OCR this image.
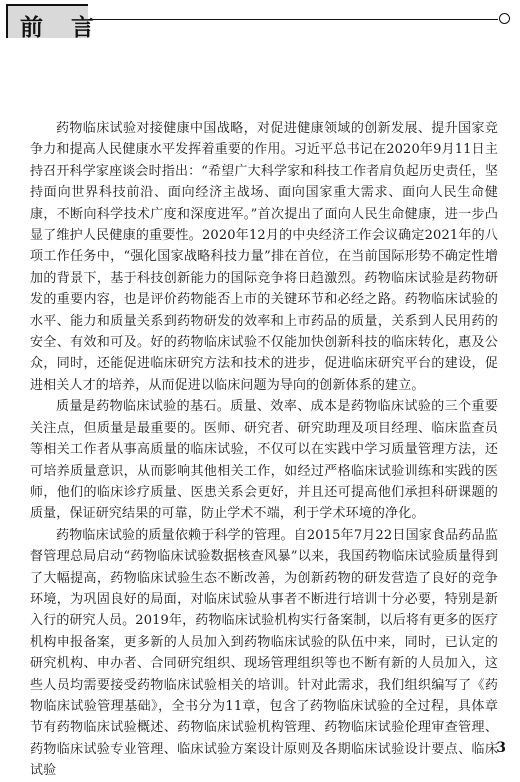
前 言

药物临床试验对接健康中国战略，对促进健康领域的创新发展、提升国家竞争力和提高人民健康水平发挥着重要的作用。习近平总书记在2020年9月11日主持召开科学家座谈会时指出：“希望广大科学家和科技工作者肩负起历史责任，坚持面向世界科技前沿、面向经济主战场、面向国家重大需求、面向人民生命健康，不断向科学技术广度和深度进军。”首次提出了面向人民生命健康，进一步凸显了维护人民健康的重要性。2020年12月的中央经济工作会议确定2021年的八项工作任务中，“强化国家战略科技力量”排在首位，在当前国际形势不确定性增加的背景下，基于科技创新能力的国际竞争将日趋激烈。药物临床试验是药物研发的重要内容，也是评价药物能否上市的关键环节和必经之路。药物临床试验的水平、能力和质量关系到药物研发的效率和上市药品的质量，关系到人民用药的安全、有效和可及。好的药物临床试验不仅能加快创新科技的临床转化，惠及公众，同时，还能促进临床研究方法和技术的进步，促进临床研究平台的建设，促进相关人才的培养，从而促进以临床问题为导向的创新体系的建立。

质量是药物临床试验的基石。质量、效率、成本是药物临床试验的三个重要关注点，但质量是最重要的。医师、研究者、研究助理及项目经理、临床监查员等相关工作者从事高质量的临床试验，不仅可以在实践中学习质量管理方法，还可培养质量意识，从而影响其他相关工作，如经过严格临床试验训练和实践的医师，他们的临床诊疗质量、医患关系会更好，并且还可提高他们承担科研课题的质量，保证研究结果的可靠，防止学术不端，利于学术环境的净化。

药物临床试验的质量依赖于科学的管理。自2015年7月22日国家食品药品监督管理总局启动“药物临床试验数据核查风暴”以来，我国药物临床试验质量得到了大幅提高，药物临床试验生态不断改善，为创新药物的研发营造了良好的竞争环境，为巩固良好的局面，对临床试验从事者不断进行培训十分必要，特别是新入行的研究人员。2019年，药物临床试验机构实行备案制，以后将有更多的医疗机构申报备案，更多新的人员加入到药物临床试验的队伍中来，同时，已认定的研究机构、申办者、合同研究组织、现场管理组织等也不断有新的人员加入，这些人员均需要接受药物临床试验相关的培训。针对此需求，我们组织编写了《药物临床试验管理基础》，全书分为11章，包含了药物临床试验的全过程，具体章节有药物临床试验概述、药物临床试验机构管理、药物临床试验伦理审查管理、药物临床试验专业管理、临床试验方案设计原则及各期临床试验设计要点、临床试验

3
